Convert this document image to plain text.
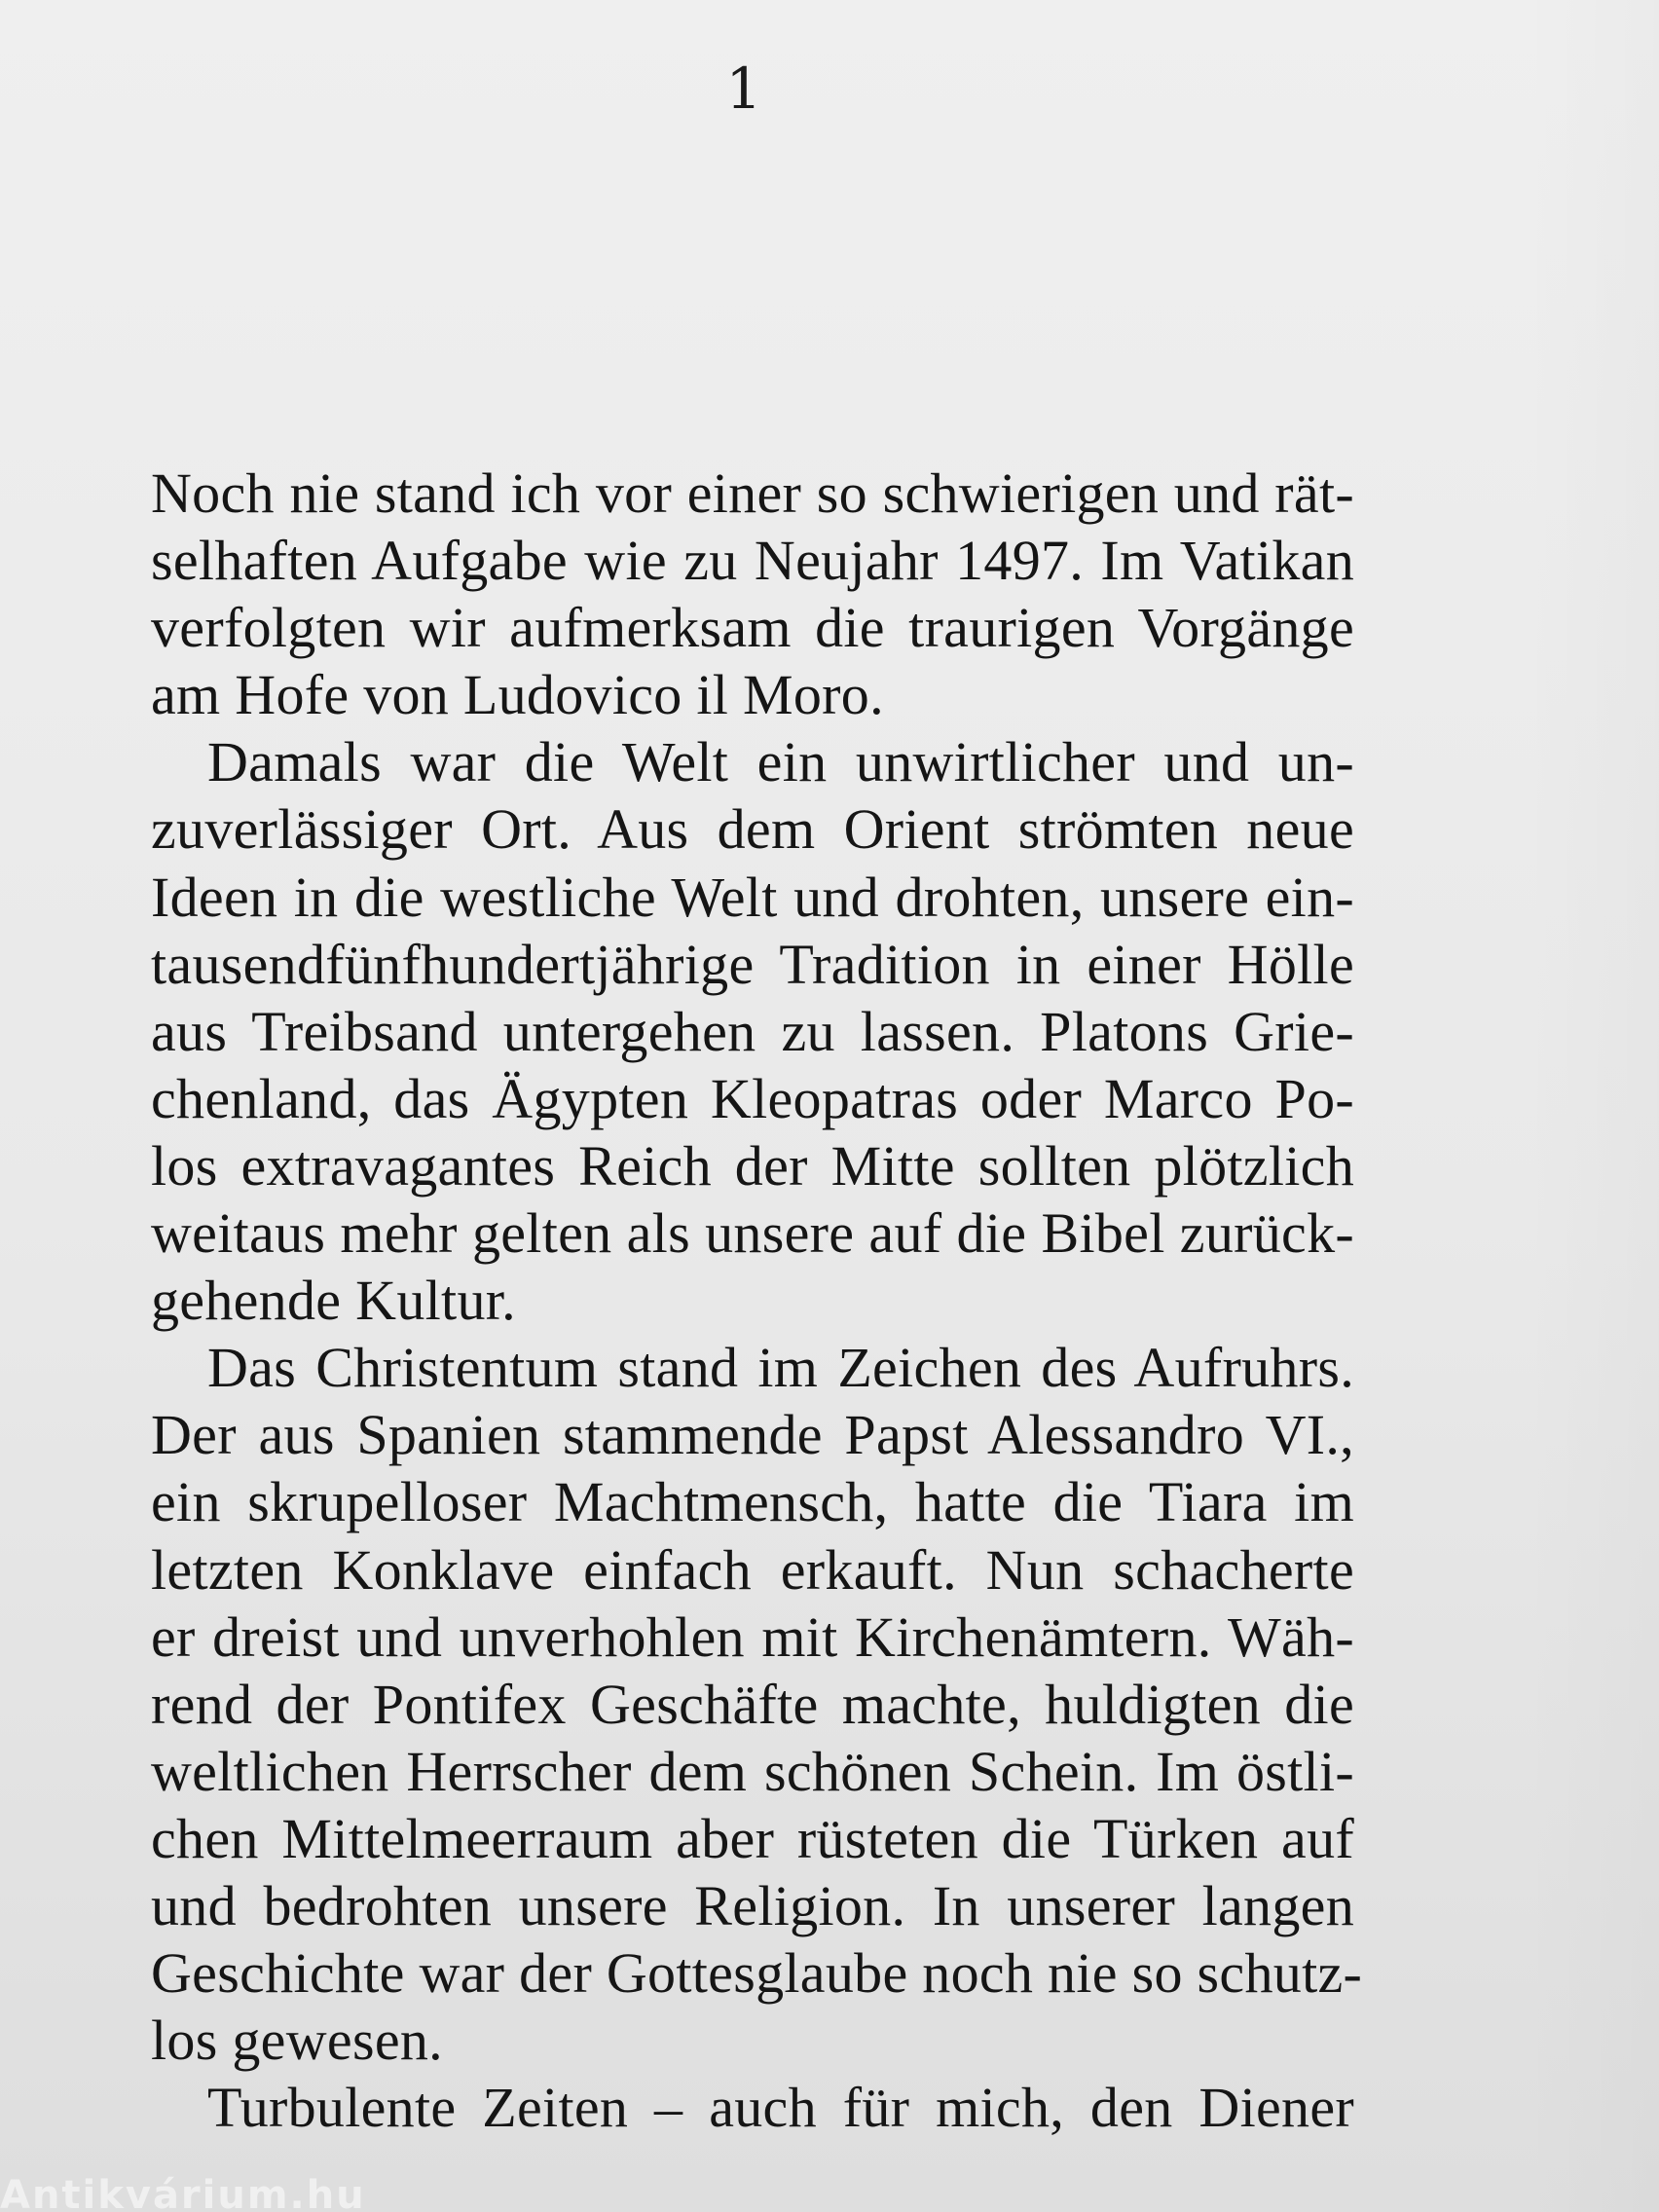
1
Noch nie stand ich vor einer so schwierigen und rät-
selhaften Aufgabe wie zu Neujahr 1497. Im Vatikan
verfolgten wir aufmerksam die traurigen Vorgänge
am Hofe von Ludovico il Moro.
Damals war die Welt ein unwirtlicher und un-
zuverlässiger Ort. Aus dem Orient strömten neue
Ideen in die westliche Welt und drohten, unsere ein-
tausendfünfhundertjährige Tradition in einer Hölle
aus Treibsand untergehen zu lassen. Platons Grie-
chenland, das Ägypten Kleopatras oder Marco Po-
los extravagantes Reich der Mitte sollten plötzlich
weitaus mehr gelten als unsere auf die Bibel zurück-
gehende Kultur.
Das Christentum stand im Zeichen des Aufruhrs.
Der aus Spanien stammende Papst Alessandro VI.,
ein skrupelloser Machtmensch, hatte die Tiara im
letzten Konklave einfach erkauft. Nun schacherte
er dreist und unverhohlen mit Kirchenämtern. Wäh-
rend der Pontifex Geschäfte machte, huldigten die
weltlichen Herrscher dem schönen Schein. Im östli-
chen Mittelmeerraum aber rüsteten die Türken auf
und bedrohten unsere Religion. In unserer langen
Geschichte war der Gottesglaube noch nie so schutz-
los gewesen.
Turbulente Zeiten – auch für mich, den Diener
Antikvárium.hu
